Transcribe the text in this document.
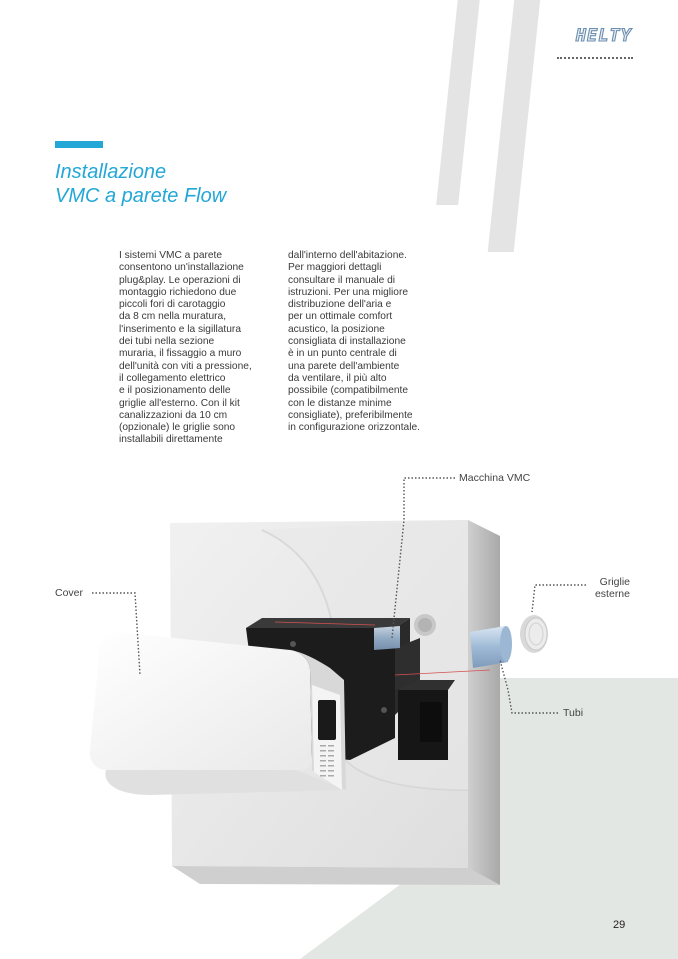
HELTY
Installazione
VMC a parete Flow

I sistemi VMC a parete
consentono un'installazione
plug&play. Le operazioni di
montaggio richiedono due
piccoli fori di carotaggio
da 8 cm nella muratura,
l'inserimento e la sigillatura
dei tubi nella sezione
muraria, il fissaggio a muro
dell'unità con viti a pressione,
il collegamento elettrico
e il posizionamento delle
griglie all'esterno. Con il kit
canalizzazioni da 10 cm
(opzionale) le griglie sono
installabili direttamente

dall'interno dell'abitazione.
Per maggiori dettagli
consultare il manuale di
istruzioni. Per una migliore
distribuzione dell'aria e
per un ottimale comfort
acustico, la posizione
consigliata di installazione
è in un punto centrale di
una parete dell'ambiente
da ventilare, il più alto
possibile (compatibilmente
con le distanze minime
consigliate), preferibilmente
in configurazione orizzontale.

Macchina VMC
Cover
Griglie
esterne
Tubi
29
